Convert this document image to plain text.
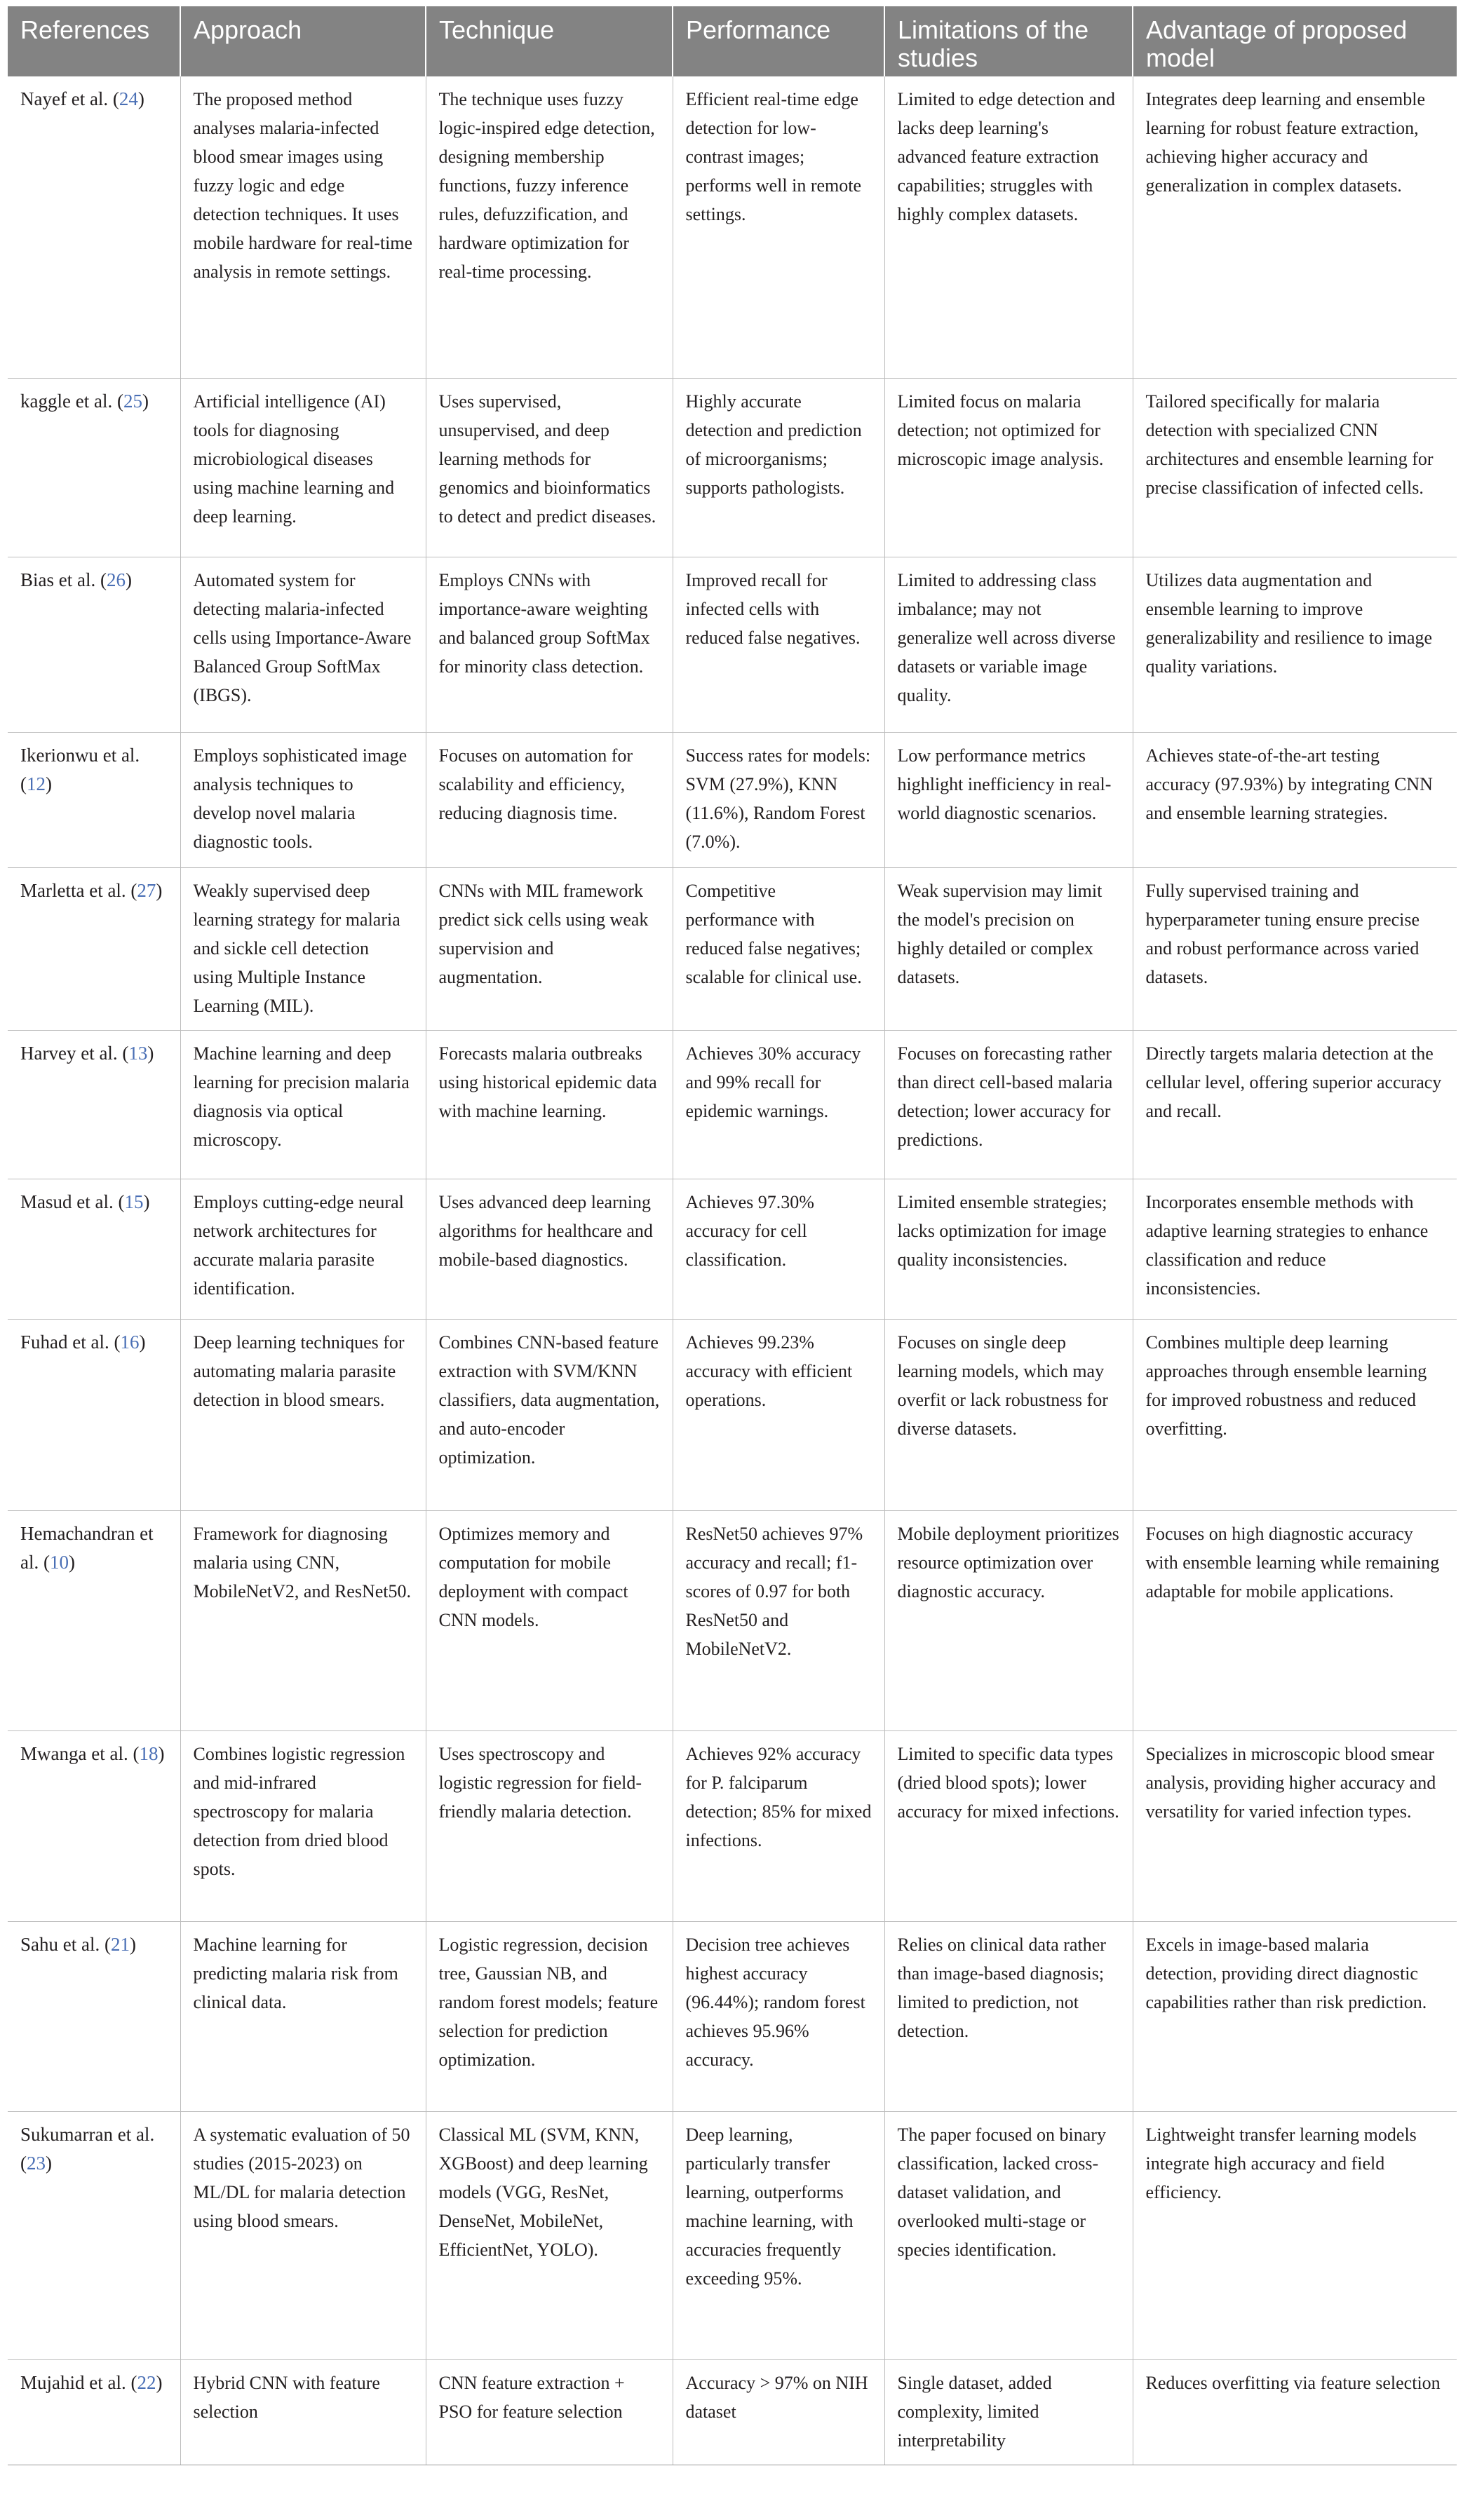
References	Approach	Technique	Performance	Limitations of the studies	Advantage of proposed model
Nayef et al. (24)	The proposed method analyses malaria-infected blood smear images using fuzzy logic and edge detection techniques. It uses mobile hardware for real-time analysis in remote settings.	The technique uses fuzzy logic-inspired edge detection, designing membership functions, fuzzy inference rules, defuzzification, and hardware optimization for real-time processing.	Efficient real-time edge detection for low-contrast images; performs well in remote settings.	Limited to edge detection and lacks deep learning's advanced feature extraction capabilities; struggles with highly complex datasets.	Integrates deep learning and ensemble learning for robust feature extraction, achieving higher accuracy and generalization in complex datasets.
kaggle et al. (25)	Artificial intelligence (AI) tools for diagnosing microbiological diseases using machine learning and deep learning.	Uses supervised, unsupervised, and deep learning methods for genomics and bioinformatics to detect and predict diseases.	Highly accurate detection and prediction of microorganisms; supports pathologists.	Limited focus on malaria detection; not optimized for microscopic image analysis.	Tailored specifically for malaria detection with specialized CNN architectures and ensemble learning for precise classification of infected cells.
Bias et al. (26)	Automated system for detecting malaria-infected cells using Importance-Aware Balanced Group SoftMax (IBGS).	Employs CNNs with importance-aware weighting and balanced group SoftMax for minority class detection.	Improved recall for infected cells with reduced false negatives.	Limited to addressing class imbalance; may not generalize well across diverse datasets or variable image quality.	Utilizes data augmentation and ensemble learning to improve generalizability and resilience to image quality variations.
Ikerionwu et al. (12)	Employs sophisticated image analysis techniques to develop novel malaria diagnostic tools.	Focuses on automation for scalability and efficiency, reducing diagnosis time.	Success rates for models: SVM (27.9%), KNN (11.6%), Random Forest (7.0%).	Low performance metrics highlight inefficiency in real-world diagnostic scenarios.	Achieves state-of-the-art testing accuracy (97.93%) by integrating CNN and ensemble learning strategies.
Marletta et al. (27)	Weakly supervised deep learning strategy for malaria and sickle cell detection using Multiple Instance Learning (MIL).	CNNs with MIL framework predict sick cells using weak supervision and augmentation.	Competitive performance with reduced false negatives; scalable for clinical use.	Weak supervision may limit the model's precision on highly detailed or complex datasets.	Fully supervised training and hyperparameter tuning ensure precise and robust performance across varied datasets.
Harvey et al. (13)	Machine learning and deep learning for precision malaria diagnosis via optical microscopy.	Forecasts malaria outbreaks using historical epidemic data with machine learning.	Achieves 30% accuracy and 99% recall for epidemic warnings.	Focuses on forecasting rather than direct cell-based malaria detection; lower accuracy for predictions.	Directly targets malaria detection at the cellular level, offering superior accuracy and recall.
Masud et al. (15)	Employs cutting-edge neural network architectures for accurate malaria parasite identification.	Uses advanced deep learning algorithms for healthcare and mobile-based diagnostics.	Achieves 97.30% accuracy for cell classification.	Limited ensemble strategies; lacks optimization for image quality inconsistencies.	Incorporates ensemble methods with adaptive learning strategies to enhance classification and reduce inconsistencies.
Fuhad et al. (16)	Deep learning techniques for automating malaria parasite detection in blood smears.	Combines CNN-based feature extraction with SVM/KNN classifiers, data augmentation, and auto-encoder optimization.	Achieves 99.23% accuracy with efficient operations.	Focuses on single deep learning models, which may overfit or lack robustness for diverse datasets.	Combines multiple deep learning approaches through ensemble learning for improved robustness and reduced overfitting.
Hemachandran et al. (10)	Framework for diagnosing malaria using CNN, MobileNetV2, and ResNet50.	Optimizes memory and computation for mobile deployment with compact CNN models.	ResNet50 achieves 97% accuracy and recall; f1-scores of 0.97 for both ResNet50 and MobileNetV2.	Mobile deployment prioritizes resource optimization over diagnostic accuracy.	Focuses on high diagnostic accuracy with ensemble learning while remaining adaptable for mobile applications.
Mwanga et al. (18)	Combines logistic regression and mid-infrared spectroscopy for malaria detection from dried blood spots.	Uses spectroscopy and logistic regression for field-friendly malaria detection.	Achieves 92% accuracy for P. falciparum detection; 85% for mixed infections.	Limited to specific data types (dried blood spots); lower accuracy for mixed infections.	Specializes in microscopic blood smear analysis, providing higher accuracy and versatility for varied infection types.
Sahu et al. (21)	Machine learning for predicting malaria risk from clinical data.	Logistic regression, decision tree, Gaussian NB, and random forest models; feature selection for prediction optimization.	Decision tree achieves highest accuracy (96.44%); random forest achieves 95.96% accuracy.	Relies on clinical data rather than image-based diagnosis; limited to prediction, not detection.	Excels in image-based malaria detection, providing direct diagnostic capabilities rather than risk prediction.
Sukumarran et al. (23)	A systematic evaluation of 50 studies (2015-2023) on ML/DL for malaria detection using blood smears.	Classical ML (SVM, KNN, XGBoost) and deep learning models (VGG, ResNet, DenseNet, MobileNet, EfficientNet, YOLO).	Deep learning, particularly transfer learning, outperforms machine learning, with accuracies frequently exceeding 95%.	The paper focused on binary classification, lacked cross-dataset validation, and overlooked multi-stage or species identification.	Lightweight transfer learning models integrate high accuracy and field efficiency.
Mujahid et al. (22)	Hybrid CNN with feature selection	CNN feature extraction + PSO for feature selection	Accuracy > 97% on NIH dataset	Single dataset, added complexity, limited interpretability	Reduces overfitting via feature selection
